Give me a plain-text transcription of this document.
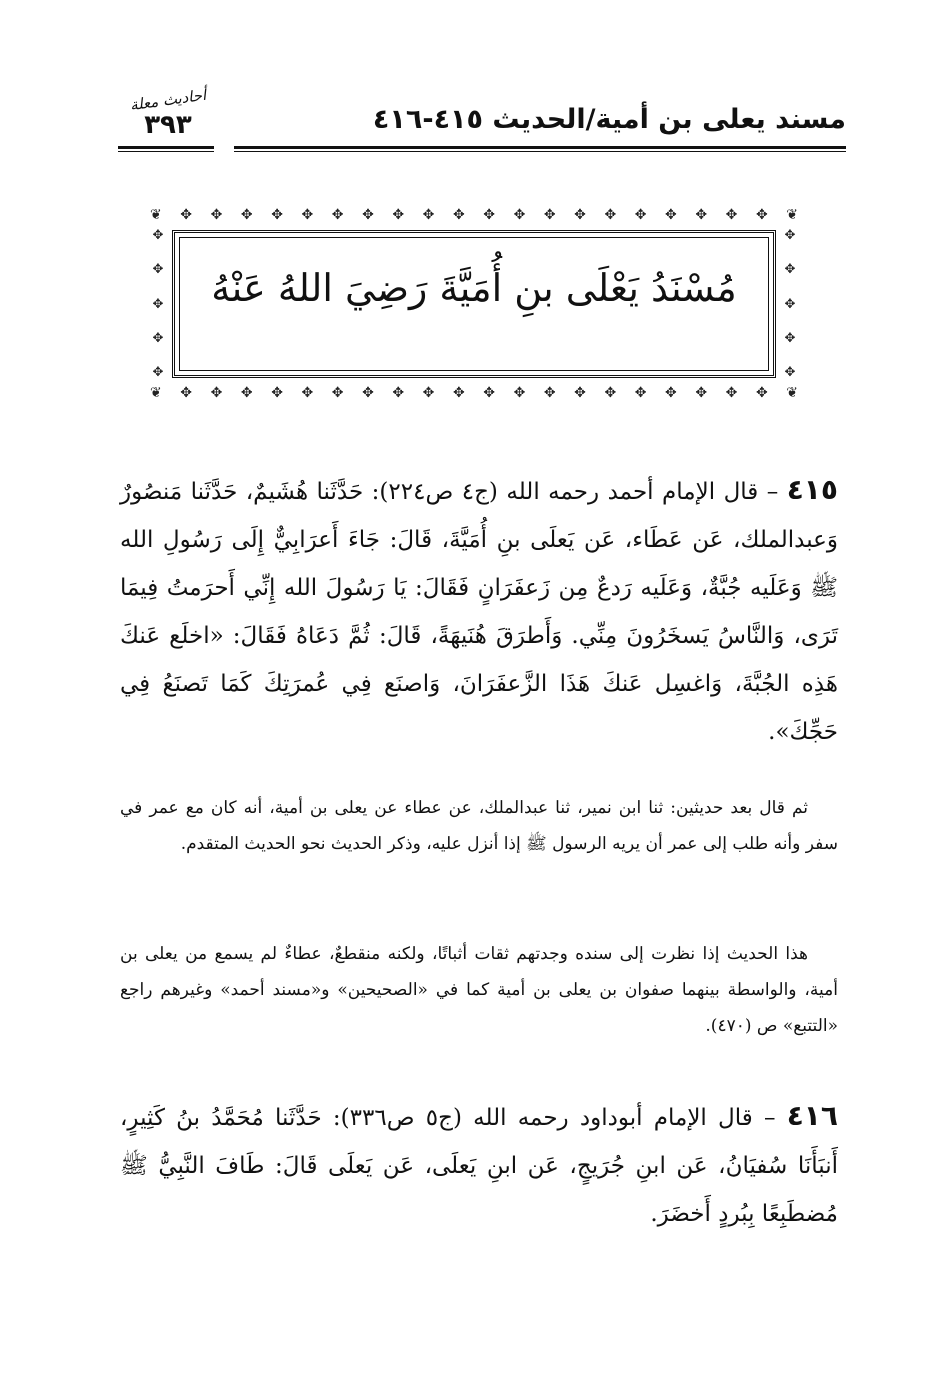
مسند يعلى بن أمية/الحديث ٤١٥-٤١٦
أحاديث معلة
٣٩٣
❦ ✥ ✥ ✥ ✥ ✥ ✥ ✥ ✥ ✥ ✥ ✥ ✥ ✥ ✥ ✥ ✥ ✥ ✥ ✥ ✥ ❦
❦ ✥ ✥ ✥ ✥ ✥ ✥ ✥ ✥ ✥ ✥ ✥ ✥ ✥ ✥ ✥ ✥ ✥ ✥ ✥ ✥ ❦
✥
✥
✥
✥
✥
✥
✥
✥
✥
✥
مُسْنَدُ يَعْلَى بنِ أُمَيَّةَ رَضِيَ اللهُ عَنْهُ
٤١٥ – قال الإمام أحمد رحمه الله (ج٤ ص٢٢٤): حَدَّثَنا هُشَيمٌ، حَدَّثَنا مَنصُورٌ وَعبدالملك، عَن عَطَاء، عَن يَعلَى بنِ أُمَيَّةَ، قَالَ: جَاءَ أَعرَابِيٌّ إِلَى رَسُولِ الله ﷺ وَعَلَيه جُبَّةٌ، وَعَلَيه رَدعٌ مِن زَعفَرَانٍ فَقَالَ: يَا رَسُولَ الله إِنِّي أَحرَمتُ فِيمَا تَرَى، وَالنَّاسُ يَسخَرُونَ مِنِّي. وَأَطرَقَ هُنَيهَةً، قَالَ: ثُمَّ دَعَاهُ فَقَالَ: «اخلَع عَنكَ هَذِه الجُبَّةَ، وَاغسِل عَنكَ هَذَا الزَّعفَرَانَ، وَاصنَع فِي عُمرَتِكَ كَمَا تَصنَعُ فِي حَجِّكَ».
ثم قال بعد حديثين: ثنا ابن نمير، ثنا عبدالملك، عن عطاء عن يعلى بن أمية، أنه كان مع عمر في سفر وأنه طلب إلى عمر أن يريه الرسول ﷺ إذا أنزل عليه، وذكر الحديث نحو الحديث المتقدم.
هذا الحديث إذا نظرت إلى سنده وجدتهم ثقات أثباتًا، ولكنه منقطعٌ، عطاءٌ لم يسمع من يعلى بن أمية، والواسطة بينهما صفوان بن يعلى بن أمية كما في «الصحيحين» و«مسند أحمد» وغيرهم راجع «التتبع» ص (٤٧٠).
٤١٦ – قال الإمام أبوداود رحمه الله (ج٥ ص٣٣٦): حَدَّثَنا مُحَمَّدُ بنُ كَثِيرٍ، أَنبَأَنَا سُفيَانُ، عَن ابنِ جُرَيجٍ، عَن ابنِ يَعلَى، عَن يَعلَى قَالَ: طَافَ النَّبِيُّ ﷺ مُضطَبِعًا بِبُردٍ أَخضَرَ.
